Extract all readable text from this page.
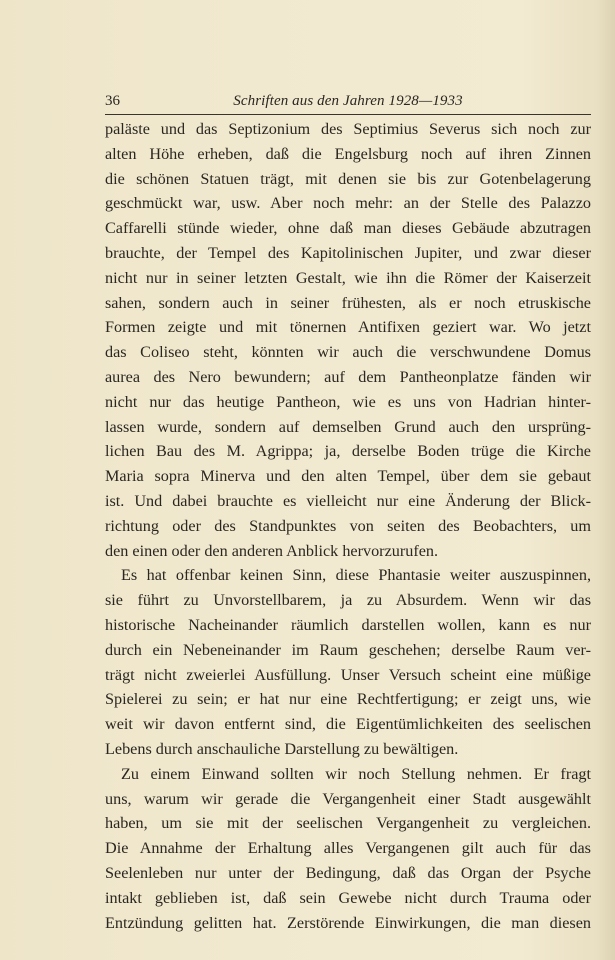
36	Schriften aus den Jahren 1928—1933
paläste und das Septizonium des Septimius Severus sich noch zur
alten Höhe erheben, daß die Engelsburg noch auf ihren Zinnen
die schönen Statuen trägt, mit denen sie bis zur Gotenbelagerung
geschmückt war, usw. Aber noch mehr: an der Stelle des Palazzo
Caffarelli stünde wieder, ohne daß man dieses Gebäude abzutragen
brauchte, der Tempel des Kapitolinischen Jupiter, und zwar dieser
nicht nur in seiner letzten Gestalt, wie ihn die Römer der Kaiserzeit
sahen, sondern auch in seiner frühesten, als er noch etruskische
Formen zeigte und mit tönernen Antifixen geziert war. Wo jetzt
das Coliseo steht, könnten wir auch die verschwundene Domus
aurea des Nero bewundern; auf dem Pantheonplatze fänden wir
nicht nur das heutige Pantheon, wie es uns von Hadrian hinter-
lassen wurde, sondern auf demselben Grund auch den ursprüng-
lichen Bau des M. Agrippa; ja, derselbe Boden trüge die Kirche
Maria sopra Minerva und den alten Tempel, über dem sie gebaut
ist. Und dabei brauchte es vielleicht nur eine Änderung der Blick-
richtung oder des Standpunktes von seiten des Beobachters, um
den einen oder den anderen Anblick hervorzurufen.
Es hat offenbar keinen Sinn, diese Phantasie weiter auszuspinnen,
sie führt zu Unvorstellbarem, ja zu Absurdem. Wenn wir das
historische Nacheinander räumlich darstellen wollen, kann es nur
durch ein Nebeneinander im Raum geschehen; derselbe Raum ver-
trägt nicht zweierlei Ausfüllung. Unser Versuch scheint eine müßige
Spielerei zu sein; er hat nur eine Rechtfertigung; er zeigt uns, wie
weit wir davon entfernt sind, die Eigentümlichkeiten des seelischen
Lebens durch anschauliche Darstellung zu bewältigen.
Zu einem Einwand sollten wir noch Stellung nehmen. Er fragt
uns, warum wir gerade die Vergangenheit einer Stadt ausgewählt
haben, um sie mit der seelischen Vergangenheit zu vergleichen.
Die Annahme der Erhaltung alles Vergangenen gilt auch für das
Seelenleben nur unter der Bedingung, daß das Organ der Psyche
intakt geblieben ist, daß sein Gewebe nicht durch Trauma oder
Entzündung gelitten hat. Zerstörende Einwirkungen, die man diesen
